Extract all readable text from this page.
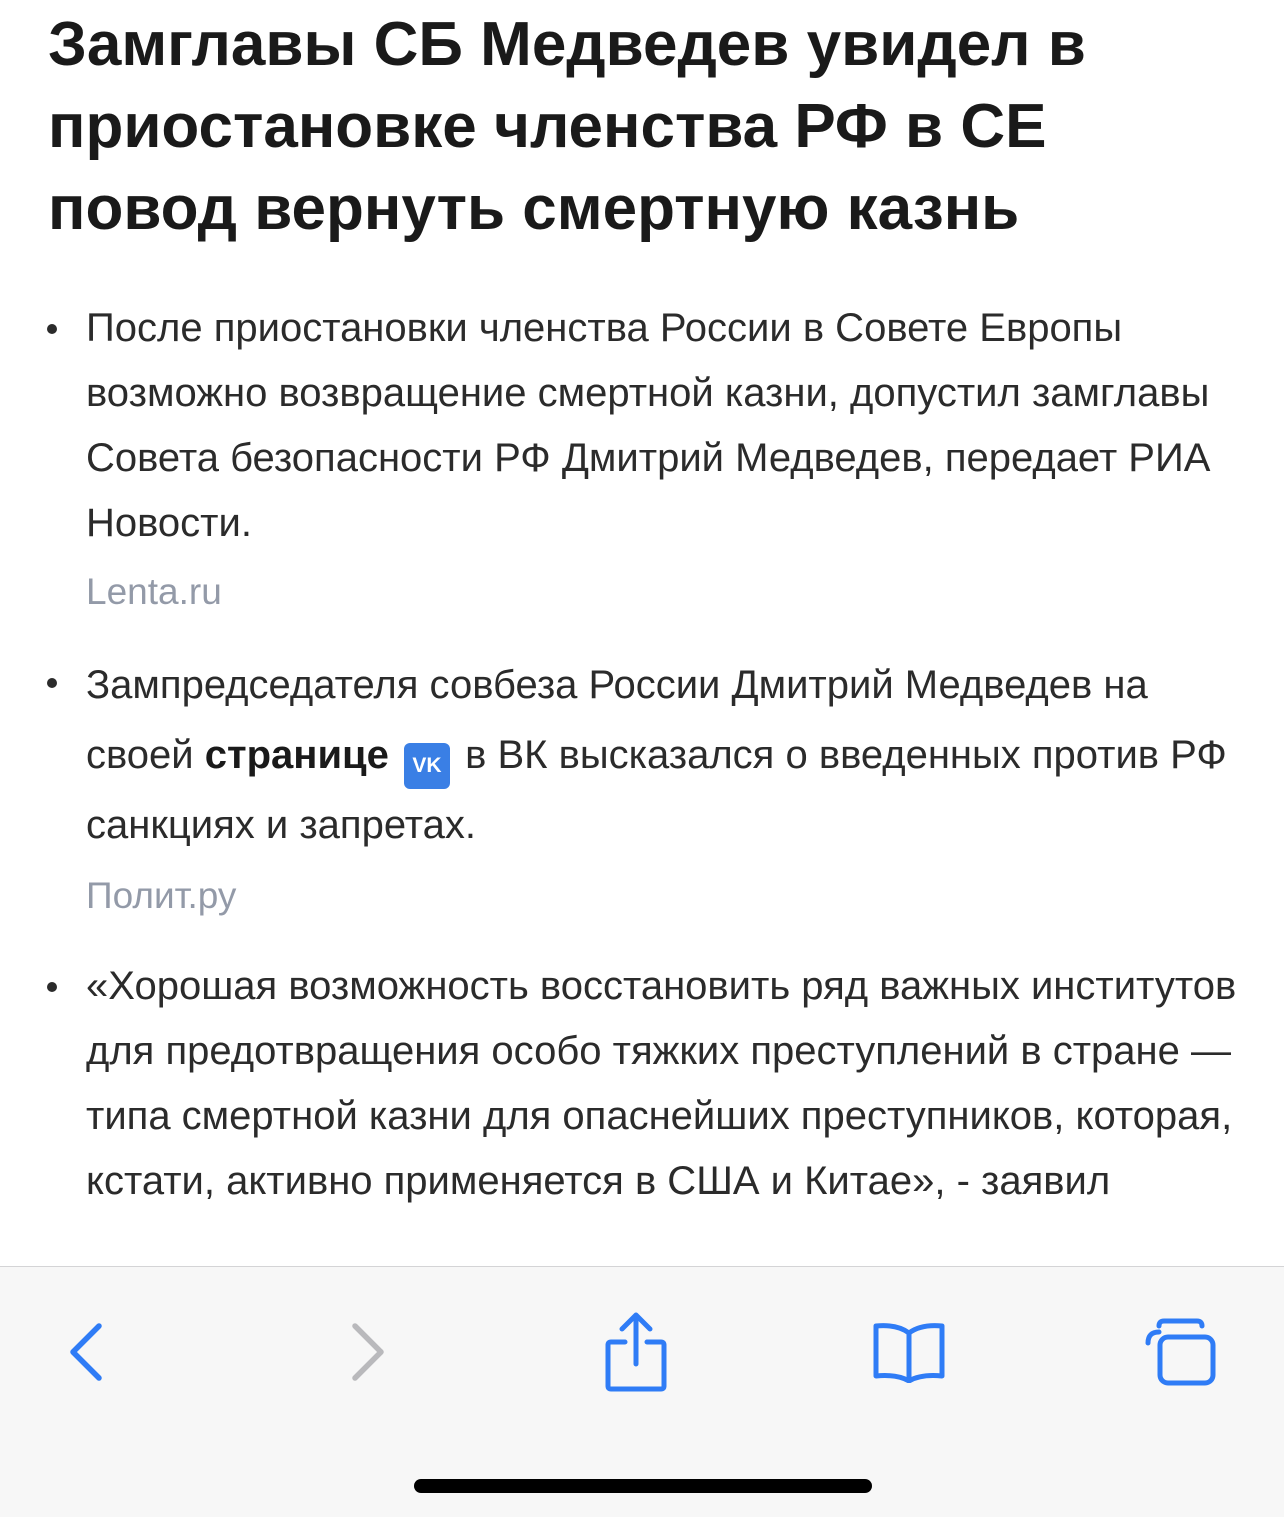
Замглавы СБ Медведев увидел в приостановке членства РФ в СЕ повод вернуть смертную казнь
После приостановки членства России в Совете Европы возможно возвращение смертной казни, допустил замглавы Совета безопасности РФ Дмитрий Медведев, передает РИА Новости.
Lenta.ru
Зампредседателя совбеза России Дмитрий Медведев на своей странице VK в ВК высказался о введенных против РФ санкциях и запретах.
Полит.ру
«Хорошая возможность восстановить ряд важных институтов для предотвращения особо тяжких преступлений в стране — типа смертной казни для опаснейших преступников, которая, кстати, активно применяется в США и Китае», - заявил
